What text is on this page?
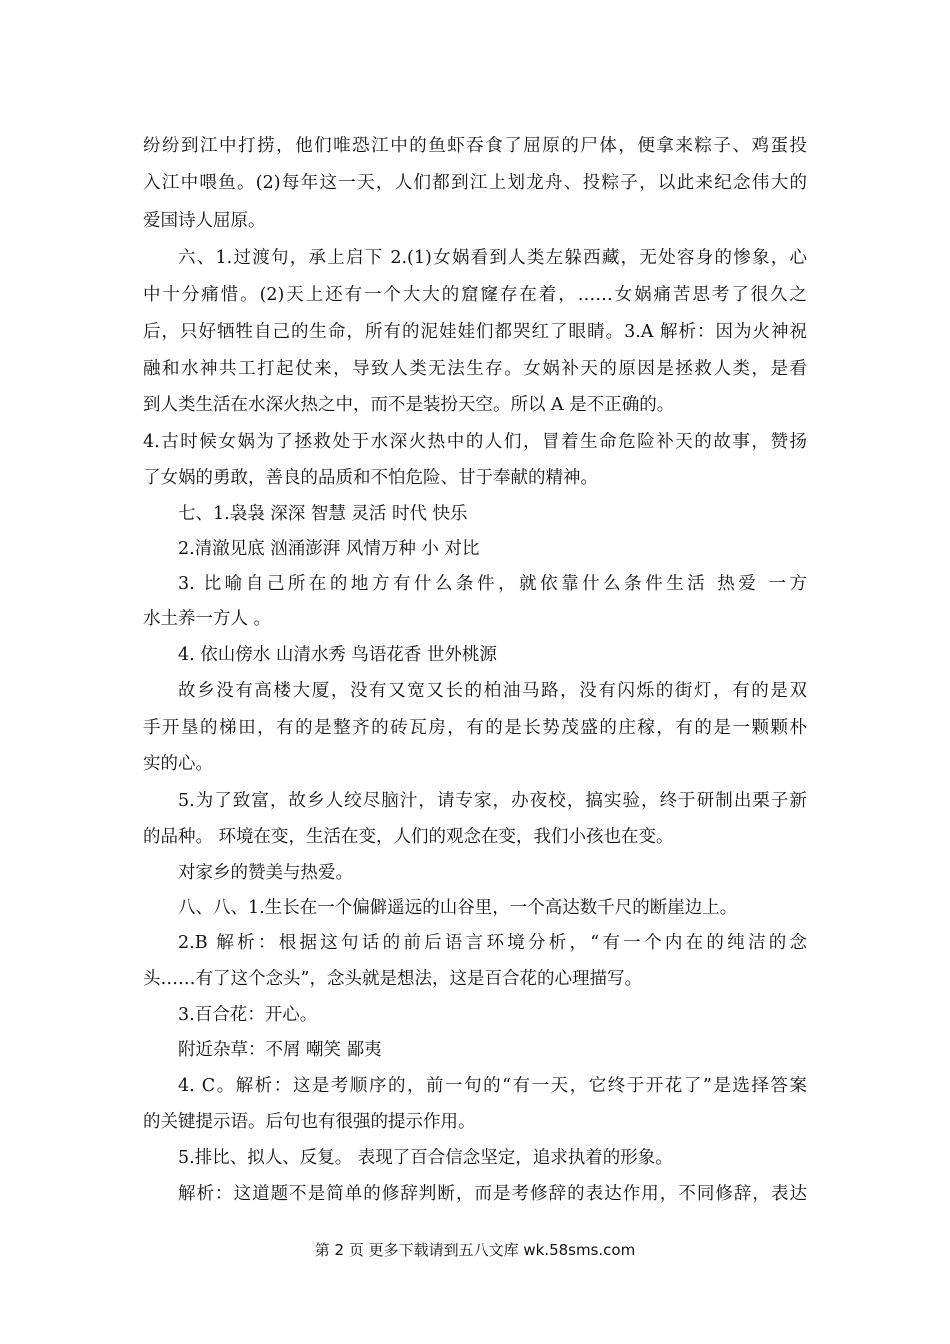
纷纷到江中打捞，他们唯恐江中的鱼虾吞食了屈原的尸体，便拿来粽子、鸡蛋投
入江中喂鱼。(2)每年这一天，人们都到江上划龙舟、投粽子，以此来纪念伟大的
爱国诗人屈原。
六、1.过渡句，承上启下 2.(1)女娲看到人类左躲西藏，无处容身的惨象，心
中十分痛惜。(2)天上还有一个大大的窟窿存在着，……女娲痛苦思考了很久之
后，只好牺牲自己的生命，所有的泥娃娃们都哭红了眼睛。3.A 解析：因为火神祝
融和水神共工打起仗来，导致人类无法生存。女娲补天的原因是拯救人类，是看
到人类生活在水深火热之中，而不是装扮天空。所以 A 是不正确的。
4.古时候女娲为了拯救处于水深火热中的人们，冒着生命危险补天的故事，赞扬
了女娲的勇敢，善良的品质和不怕危险、甘于奉献的精神。
七、1.袅袅 深深 智慧 灵活 时代 快乐
2.清澈见底 汹涌澎湃 风情万种 小 对比
3. 比喻自己所在的地方有什么条件，就依靠什么条件生活 热爱 一方
水土养一方人 。
4. 依山傍水 山清水秀 鸟语花香 世外桃源
故乡没有高楼大厦，没有又宽又长的柏油马路，没有闪烁的街灯，有的是双
手开垦的梯田，有的是整齐的砖瓦房，有的是长势茂盛的庄稼，有的是一颗颗朴
实的心。
5.为了致富，故乡人绞尽脑汁，请专家，办夜校，搞实验，终于研制出栗子新
的品种。 环境在变，生活在变，人们的观念在变，我们小孩也在变。
对家乡的赞美与热爱。
八、八、1.生长在一个偏僻遥远的山谷里，一个高达数千尺的断崖边上。
2.B 解析：根据这句话的前后语言环境分析，“有一个内在的纯洁的念
头……有了这个念头”，念头就是想法，这是百合花的心理描写。
3.百合花：开心。
附近杂草：不屑 嘲笑 鄙夷
4. C。解析：这是考顺序的，前一句的“有一天，它终于开花了”是选择答案
的关键提示语。后句也有很强的提示作用。
5.排比、拟人、反复。 表现了百合信念坚定，追求执着的形象。
解析：这道题不是简单的修辞判断，而是考修辞的表达作用，不同修辞，表达
第 2 页 更多下载请到五八文库 wk.58sms.com
